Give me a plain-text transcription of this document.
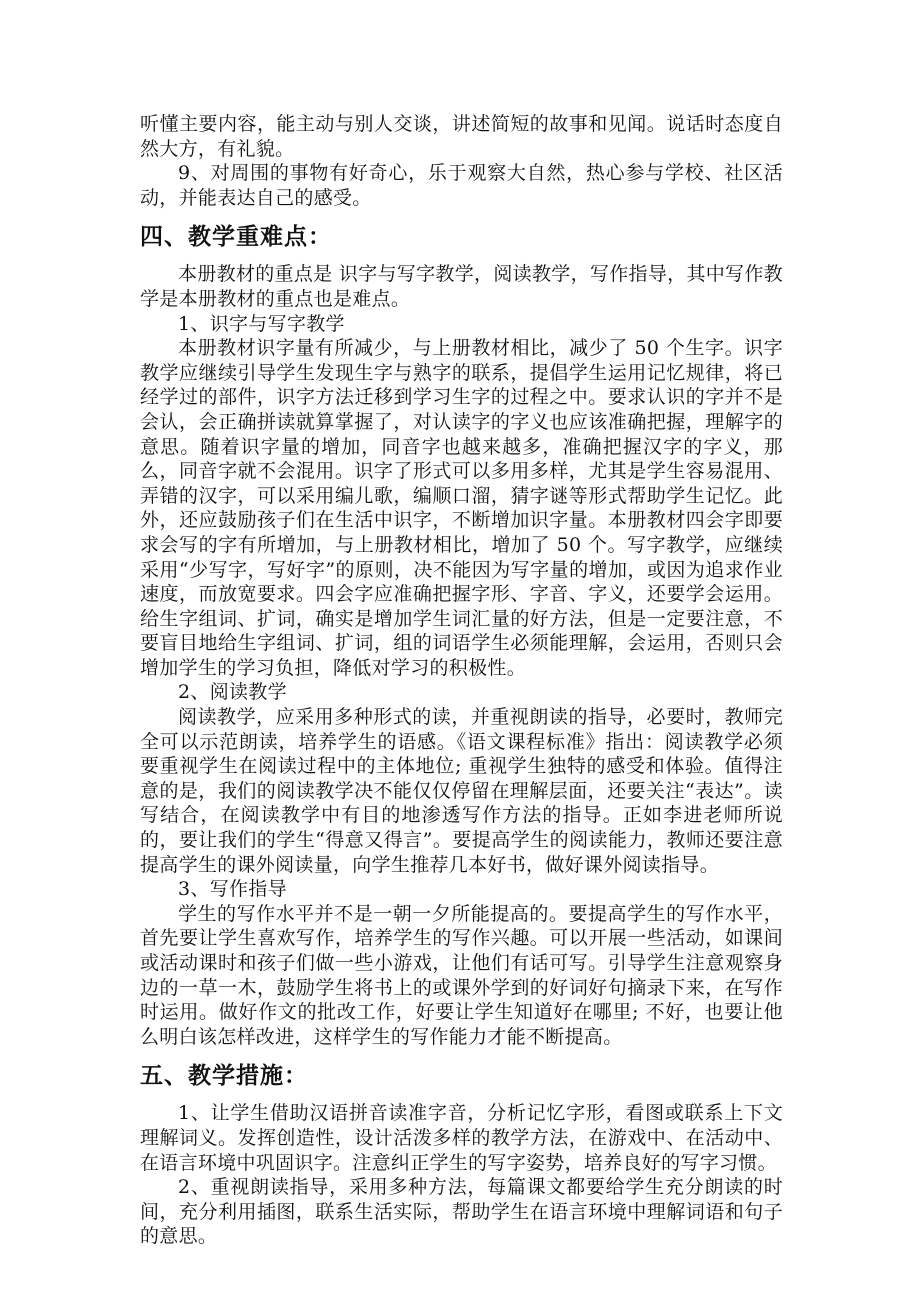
听懂主要内容，能主动与别人交谈，讲述简短的故事和见闻。说话时态度自然大方，有礼貌。

9、对周围的事物有好奇心，乐于观察大自然，热心参与学校、社区活动，并能表达自己的感受。

四、教学重难点：

本册教材的重点是 识字与写字教学，阅读教学，写作指导，其中写作教学是本册教材的重点也是难点。

1、识字与写字教学

本册教材识字量有所减少，与上册教材相比，减少了 50 个生字。识字教学应继续引导学生发现生字与熟字的联系，提倡学生运用记忆规律，将已经学过的部件，识字方法迁移到学习生字的过程之中。要求认识的字并不是会认，会正确拼读就算掌握了，对认读字的字义也应该准确把握，理解字的意思。随着识字量的增加，同音字也越来越多，准确把握汉字的字义，那么，同音字就不会混用。识字了形式可以多用多样，尤其是学生容易混用、弄错的汉字，可以采用编儿歌，编顺口溜，猜字谜等形式帮助学生记忆。此外，还应鼓励孩子们在生活中识字，不断增加识字量。本册教材四会字即要求会写的字有所增加，与上册教材相比，增加了 50 个。写字教学，应继续采用“少写字，写好字”的原则，决不能因为写字量的增加，或因为追求作业速度，而放宽要求。四会字应准确把握字形、字音、字义，还要学会运用。给生字组词、扩词，确实是增加学生词汇量的好方法，但是一定要注意，不要盲目地给生字组词、扩词，组的词语学生必须能理解，会运用，否则只会增加学生的学习负担，降低对学习的积极性。

2、阅读教学

阅读教学，应采用多种形式的读，并重视朗读的指导，必要时，教师完全可以示范朗读，培养学生的语感。《语文课程标准》指出：阅读教学必须要重视学生在阅读过程中的主体地位; 重视学生独特的感受和体验。值得注意的是，我们的阅读教学决不能仅仅停留在理解层面，还要关注“表达”。读写结合，在阅读教学中有目的地渗透写作方法的指导。正如李进老师所说的，要让我们的学生“得意又得言”。要提高学生的阅读能力，教师还要注意提高学生的课外阅读量，向学生推荐几本好书，做好课外阅读指导。

3、写作指导

学生的写作水平并不是一朝一夕所能提高的。要提高学生的写作水平，首先要让学生喜欢写作，培养学生的写作兴趣。可以开展一些活动，如课间或活动课时和孩子们做一些小游戏，让他们有话可写。引导学生注意观察身边的一草一木，鼓励学生将书上的或课外学到的好词好句摘录下来，在写作时运用。做好作文的批改工作，好要让学生知道好在哪里; 不好，也要让他么明白该怎样改进，这样学生的写作能力才能不断提高。

五、教学措施：

1、让学生借助汉语拼音读准字音，分析记忆字形，看图或联系上下文理解词义。发挥创造性，设计活泼多样的教学方法，在游戏中、在活动中、在语言环境中巩固识字。注意纠正学生的写字姿势，培养良好的写字习惯。

2、重视朗读指导，采用多种方法，每篇课文都要给学生充分朗读的时间，充分利用插图，联系生活实际，帮助学生在语言环境中理解词语和句子的意思。
